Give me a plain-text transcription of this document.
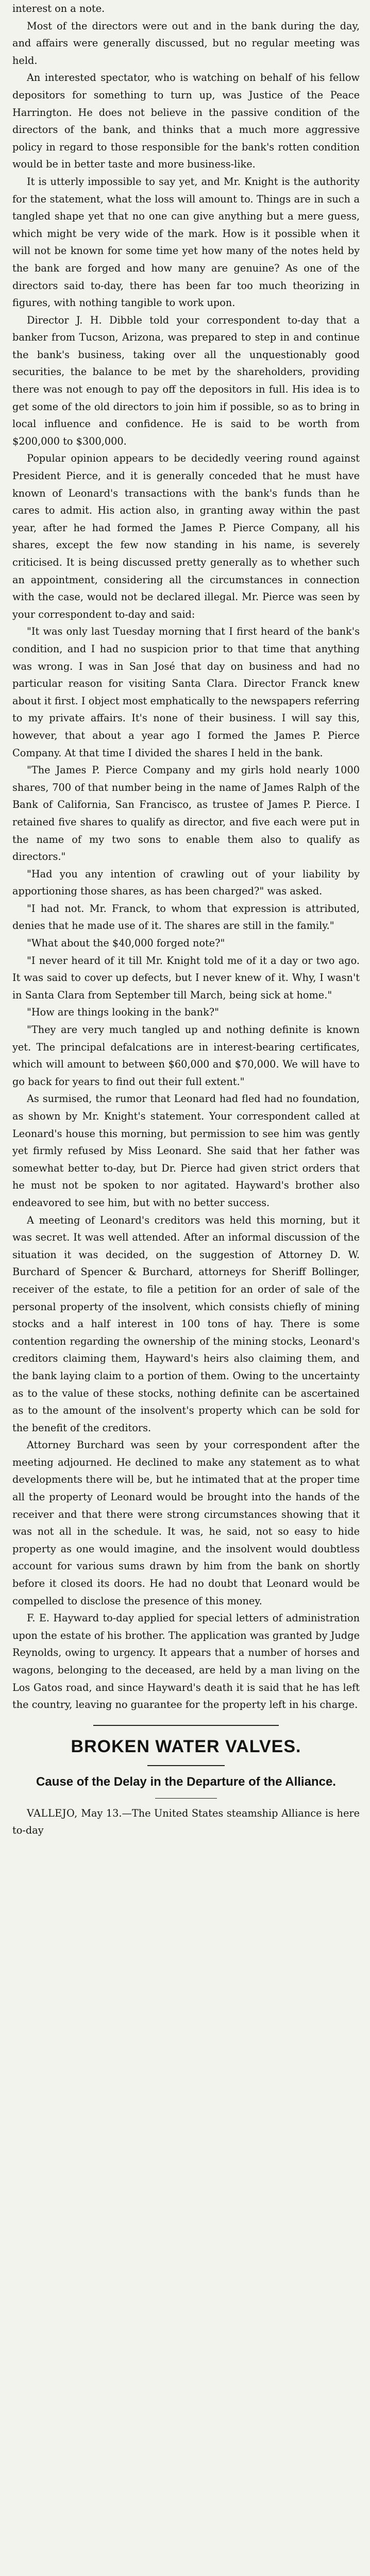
interest on a note.

Most of the directors were out and in the bank during the day, and affairs were generally discussed, but no regular meeting was held.

An interested spectator, who is watching on behalf of his fellow depositors for something to turn up, was Justice of the Peace Harrington. He does not believe in the passive condition of the directors of the bank, and thinks that a much more aggressive policy in regard to those responsible for the bank's rotten condition would be in better taste and more business-like.

It is utterly impossible to say yet, and Mr. Knight is the authority for the statement, what the loss will amount to. Things are in such a tangled shape yet that no one can give anything but a mere guess, which might be very wide of the mark. How is it possible when it will not be known for some time yet how many of the notes held by the bank are forged and how many are genuine? As one of the directors said to-day, there has been far too much theorizing in figures, with nothing tangible to work upon.

Director J. H. Dibble told your correspondent to-day that a banker from Tucson, Arizona, was prepared to step in and continue the bank's business, taking over all the unquestionably good securities, the balance to be met by the shareholders, providing there was not enough to pay off the depositors in full. His idea is to get some of the old directors to join him if possible, so as to bring in local influence and confidence. He is said to be worth from $200,000 to $300,000.

Popular opinion appears to be decidedly veering round against President Pierce, and it is generally conceded that he must have known of Leonard's transactions with the bank's funds than he cares to admit. His action also, in granting away within the past year, after he had formed the James P. Pierce Company, all his shares, except the few now standing in his name, is severely criticised. It is being discussed pretty generally as to whether such an appointment, considering all the circumstances in connection with the case, would not be declared illegal. Mr. Pierce was seen by your correspondent to-day and said:

"It was only last Tuesday morning that I first heard of the bank's condition, and I had no suspicion prior to that time that anything was wrong. I was in San José that day on business and had no particular reason for visiting Santa Clara. Director Franck knew about it first. I object most emphatically to the newspapers referring to my private affairs. It's none of their business. I will say this, however, that about a year ago I formed the James P. Pierce Company. At that time I divided the shares I held in the bank.

"The James P. Pierce Company and my girls hold nearly 1000 shares, 700 of that number being in the name of James Ralph of the Bank of California, San Francisco, as trustee of James P. Pierce. I retained five shares to qualify as director, and five each were put in the name of my two sons to enable them also to qualify as directors."

"Had you any intention of crawling out of your liability by apportioning those shares, as has been charged?" was asked.

"I had not. Mr. Franck, to whom that expression is attributed, denies that he made use of it. The shares are still in the family."

"What about the $40,000 forged note?"

"I never heard of it till Mr. Knight told me of it a day or two ago. It was said to cover up defects, but I never knew of it. Why, I wasn't in Santa Clara from September till March, being sick at home."

"How are things looking in the bank?"

"They are very much tangled up and nothing definite is known yet. The principal defalcations are in interest-bearing certificates, which will amount to between $60,000 and $70,000. We will have to go back for years to find out their full extent."

As surmised, the rumor that Leonard had fled had no foundation, as shown by Mr. Knight's statement. Your correspondent called at Leonard's house this morning, but permission to see him was gently yet firmly refused by Miss Leonard. She said that her father was somewhat better to-day, but Dr. Pierce had given strict orders that he must not be spoken to nor agitated. Hayward's brother also endeavored to see him, but with no better success.

A meeting of Leonard's creditors was held this morning, but it was secret. It was well attended. After an informal discussion of the situation it was decided, on the suggestion of Attorney D. W. Burchard of Spencer & Burchard, attorneys for Sheriff Bollinger, receiver of the estate, to file a petition for an order of sale of the personal property of the insolvent, which consists chiefly of mining stocks and a half interest in 100 tons of hay. There is some contention regarding the ownership of the mining stocks, Leonard's creditors claiming them, Hayward's heirs also claiming them, and the bank laying claim to a portion of them. Owing to the uncertainty as to the value of these stocks, nothing definite can be ascertained as to the amount of the insolvent's property which can be sold for the benefit of the creditors.

Attorney Burchard was seen by your correspondent after the meeting adjourned. He declined to make any statement as to what developments there will be, but he intimated that at the proper time all the property of Leonard would be brought into the hands of the receiver and that there were strong circumstances showing that it was not all in the schedule. It was, he said, not so easy to hide property as one would imagine, and the insolvent would doubtless account for various sums drawn by him from the bank on shortly before it closed its doors. He had no doubt that Leonard would be compelled to disclose the presence of this money.

F. E. Hayward to-day applied for special letters of administration upon the estate of his brother. The application was granted by Judge Reynolds, owing to urgency. It appears that a number of horses and wagons, belonging to the deceased, are held by a man living on the Los Gatos road, and since Hayward's death it is said that he has left the country, leaving no guarantee for the property left in his charge.

BROKEN WATER VALVES.

Cause of the Delay in the Departure of the Alliance.

VALLEJO, May 13.—The United States steamship Alliance is here to-day
